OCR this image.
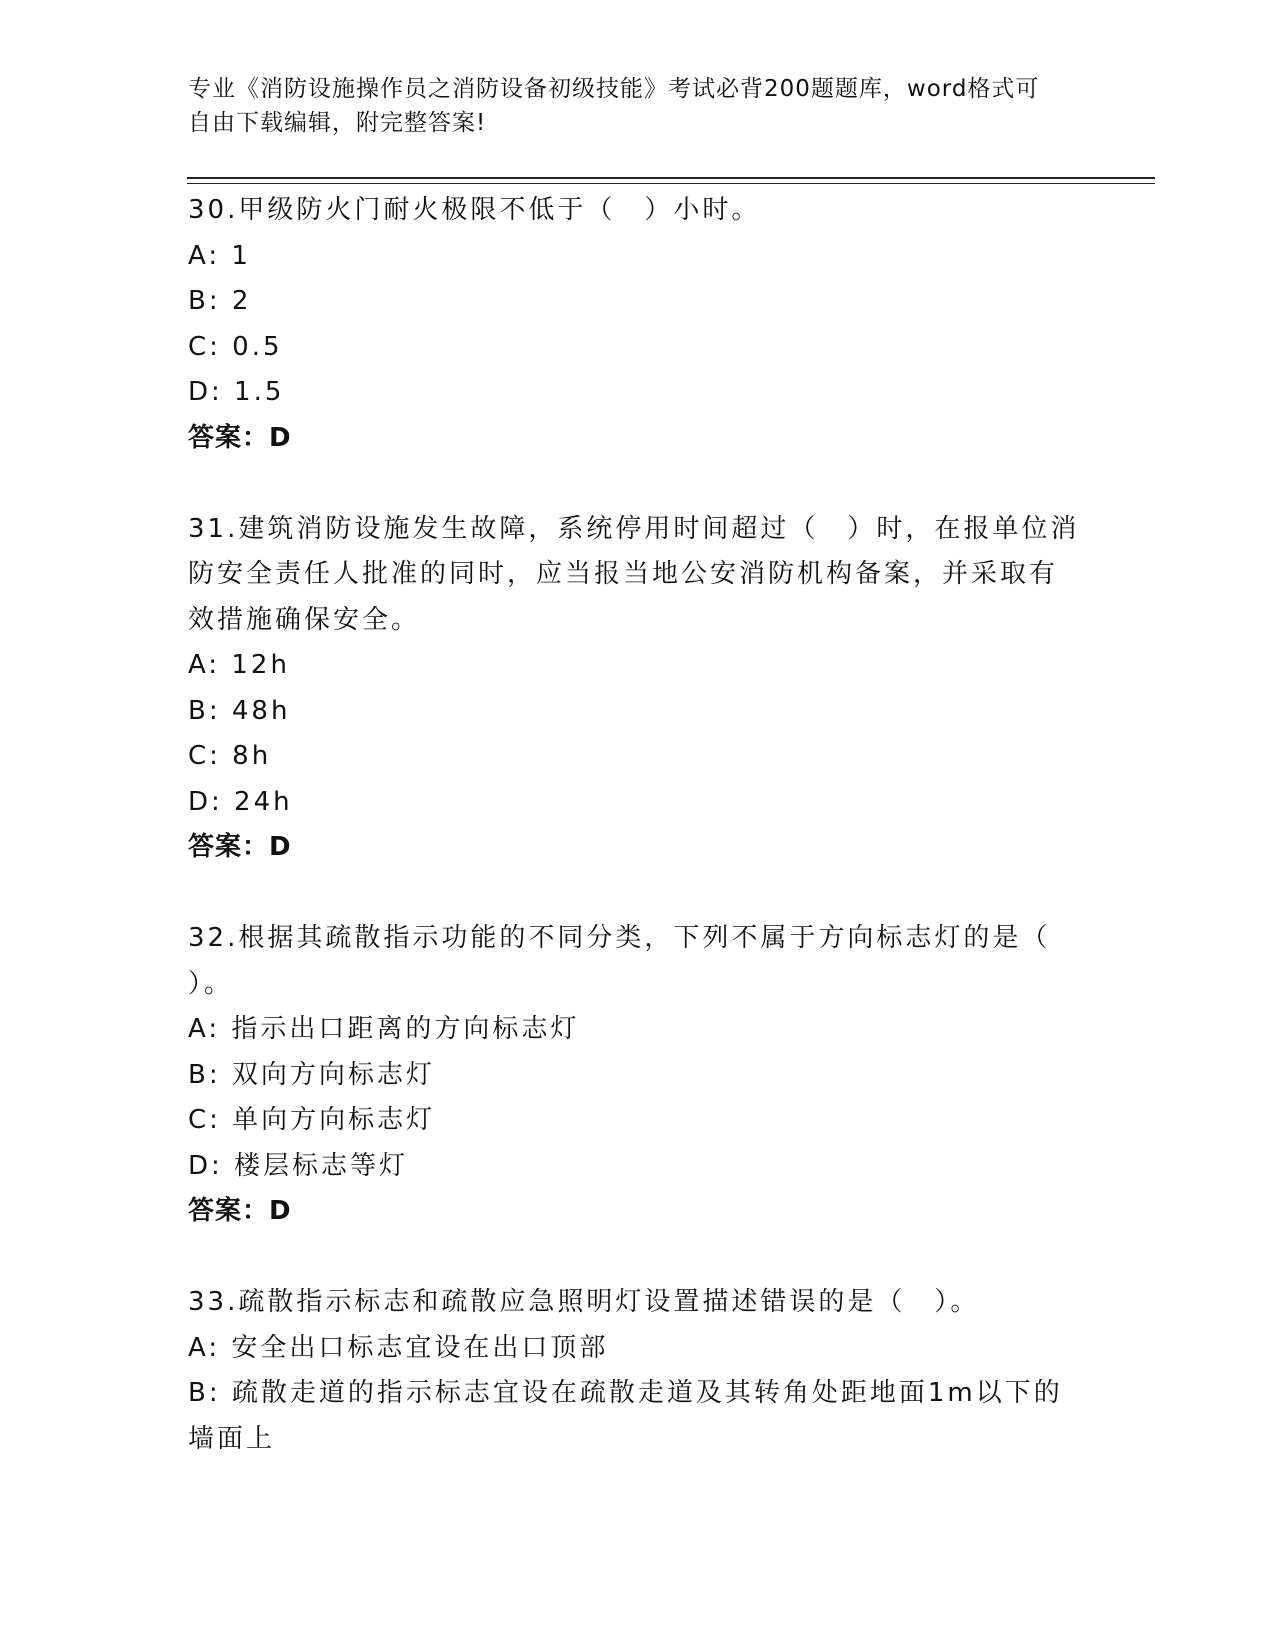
专业《消防设施操作员之消防设备初级技能》考试必背200题题库，word格式可
自由下载编辑，附完整答案!
30.甲级防火门耐火极限不低于（　）小时。
A: 1
B: 2
C: 0.5
D: 1.5
答案：D
31.建筑消防设施发生故障，系统停用时间超过（　）时，在报单位消
防安全责任人批准的同时，应当报当地公安消防机构备案，并采取有
效措施确保安全。
A: 12h
B: 48h
C: 8h
D: 24h
答案：D
32.根据其疏散指示功能的不同分类，下列不属于方向标志灯的是（
）。
A: 指示出口距离的方向标志灯
B: 双向方向标志灯
C: 单向方向标志灯
D: 楼层标志等灯
答案：D
33.疏散指示标志和疏散应急照明灯设置描述错误的是（　）。
A: 安全出口标志宜设在出口顶部
B: 疏散走道的指示标志宜设在疏散走道及其转角处距地面1m以下的
墙面上
